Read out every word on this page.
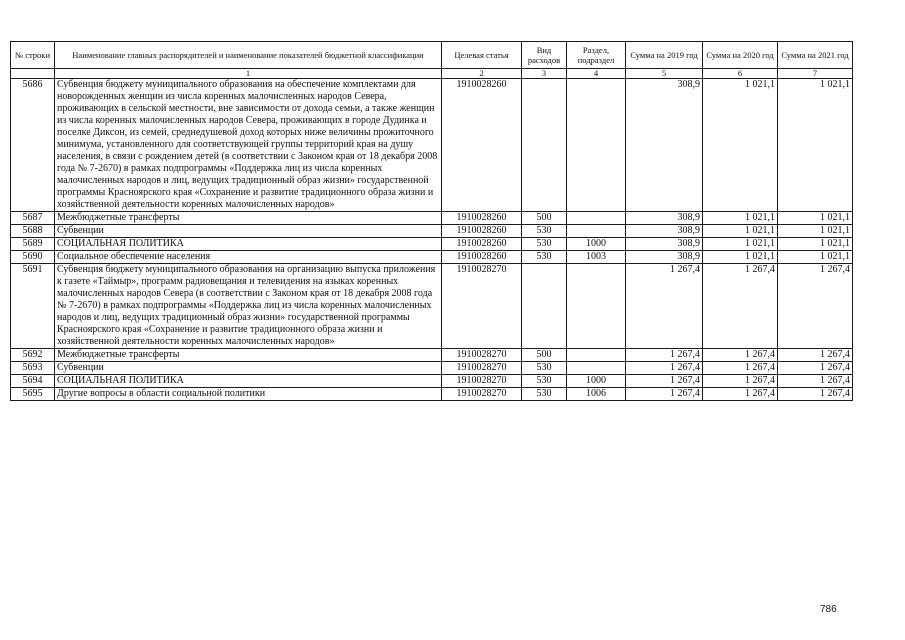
№ строки	Наименование главных распорядителей и наименование показателей бюджетной классификации	Целевая статья	Вид расходов	Раздел, подраздел	Сумма на 2019 год	Сумма на 2020 год	Сумма на 2021 год
	1	2	3	4	5	6	7
5686	Субвенция бюджету муниципального образования на обеспечение комплектами для новорожденных женщин из числа коренных малочисленных народов Севера, проживающих в сельской местности, вне зависимости от дохода семьи, а также женщин из числа коренных малочисленных народов Севера, проживающих в городе Дудинка и поселке Диксон, из семей, среднедушевой доход которых ниже величины прожиточного минимума, установленного для соответствующей группы территорий края на душу населения, в связи с рождением детей (в соответствии с Законом края от 18 декабря 2008 года № 7-2670) в рамках подпрограммы «Поддержка лиц из числа коренных малочисленных народов и лиц, ведущих традиционный образ жизни» государственной программы Красноярского края «Сохранение и развитие традиционного образа жизни и хозяйственной деятельности коренных малочисленных народов»	1910028260			308,9	1 021,1	1 021,1
5687	Межбюджетные трансферты	1910028260	500		308,9	1 021,1	1 021,1
5688	Субвенции	1910028260	530		308,9	1 021,1	1 021,1
5689	СОЦИАЛЬНАЯ ПОЛИТИКА	1910028260	530	1000	308,9	1 021,1	1 021,1
5690	Социальное обеспечение населения	1910028260	530	1003	308,9	1 021,1	1 021,1
5691	Субвенция бюджету муниципального образования на организацию выпуска приложения к газете «Таймыр», программ радиовещания и телевидения на языках коренных малочисленных народов Севера (в соответствии с Законом края от 18 декабря 2008 года № 7-2670) в рамках подпрограммы «Поддержка лиц из числа коренных малочисленных народов и лиц, ведущих традиционный образ жизни» государственной программы Красноярского края «Сохранение и развитие традиционного образа жизни и хозяйственной деятельности коренных малочисленных народов»	1910028270			1 267,4	1 267,4	1 267,4
5692	Межбюджетные трансферты	1910028270	500		1 267,4	1 267,4	1 267,4
5693	Субвенции	1910028270	530		1 267,4	1 267,4	1 267,4
5694	СОЦИАЛЬНАЯ ПОЛИТИКА	1910028270	530	1000	1 267,4	1 267,4	1 267,4
5695	Другие вопросы в области социальной политики	1910028270	530	1006	1 267,4	1 267,4	1 267,4
786
